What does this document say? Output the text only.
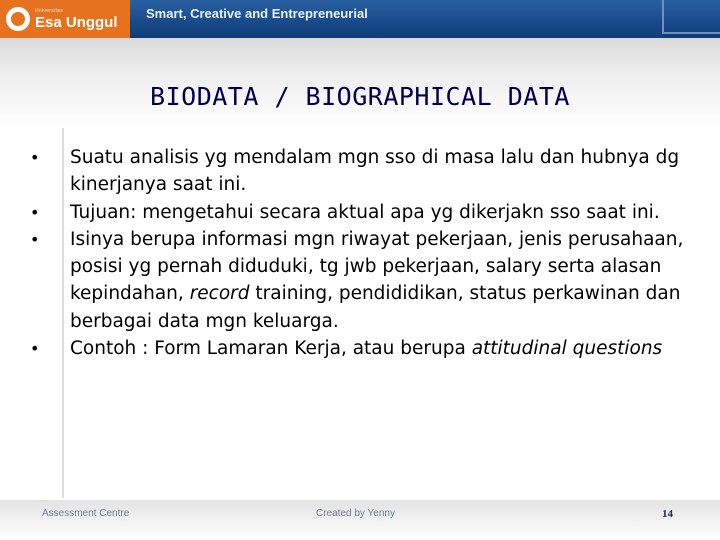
Universitas
Esa Unggul Smart, Creative and Entrepreneurial
BIODATA / BIOGRAPHICAL DATA
•	Suatu analisis yg mendalam mgn sso di masa lalu dan hubnya dg kinerjanya saat ini.
•	Tujuan: mengetahui secara aktual apa yg dikerjakn sso saat ini.
•	Isinya berupa informasi mgn riwayat pekerjaan, jenis perusahaan, posisi yg pernah diduduki, tg jwb pekerjaan, salary serta alasan kepindahan, record training, pendididikan, status perkawinan dan berbagai data mgn keluarga.
•	Contoh : Form Lamaran Kerja, atau berupa attitudinal questions
Assessment Centre	Created by Yenny	14
